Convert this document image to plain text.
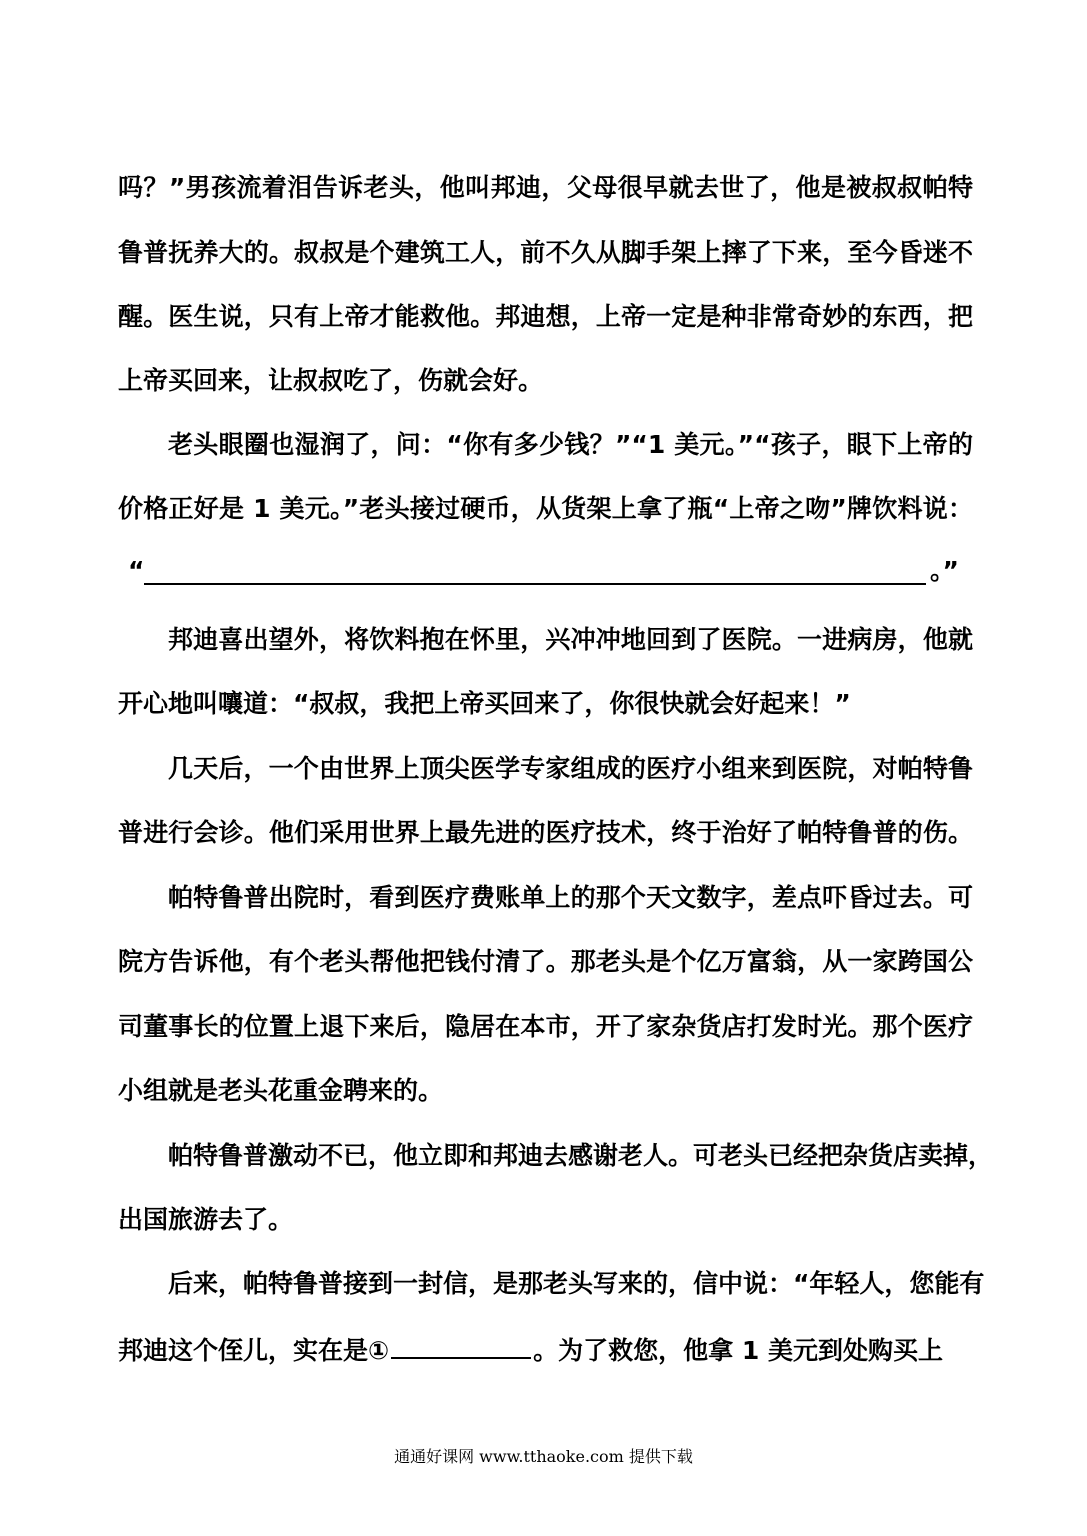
吗？”男孩流着泪告诉老头，他叫邦迪，父母很早就去世了，他是被叔叔帕特
鲁普抚养大的。叔叔是个建筑工人，前不久从脚手架上摔了下来，至今昏迷不
醒。医生说，只有上帝才能救他。邦迪想，上帝一定是种非常奇妙的东西，把
上帝买回来，让叔叔吃了，伤就会好。
老头眼圈也湿润了，问：“你有多少钱？”“1 美元。”“孩子，眼下上帝的
价格正好是 1 美元。”老头接过硬币，从货架上拿了瓶“上帝之吻”牌饮料说：
“	。”
邦迪喜出望外，将饮料抱在怀里，兴冲冲地回到了医院。一进病房，他就
开心地叫嚷道：“叔叔，我把上帝买回来了，你很快就会好起来！”
几天后，一个由世界上顶尖医学专家组成的医疗小组来到医院，对帕特鲁
普进行会诊。他们采用世界上最先进的医疗技术，终于治好了帕特鲁普的伤。
帕特鲁普出院时，看到医疗费账单上的那个天文数字，差点吓昏过去。可
院方告诉他，有个老头帮他把钱付清了。那老头是个亿万富翁，从一家跨国公
司董事长的位置上退下来后，隐居在本市，开了家杂货店打发时光。那个医疗
小组就是老头花重金聘来的。
帕特鲁普激动不已，他立即和邦迪去感谢老人。可老头已经把杂货店卖掉，
出国旅游去了。
后来，帕特鲁普接到一封信，是那老头写来的，信中说：“年轻人，您能有
邦迪这个侄儿，实在是①	。为了救您，他拿 1 美元到处购买上
通通好课网 www.tthaoke.com 提供下载
